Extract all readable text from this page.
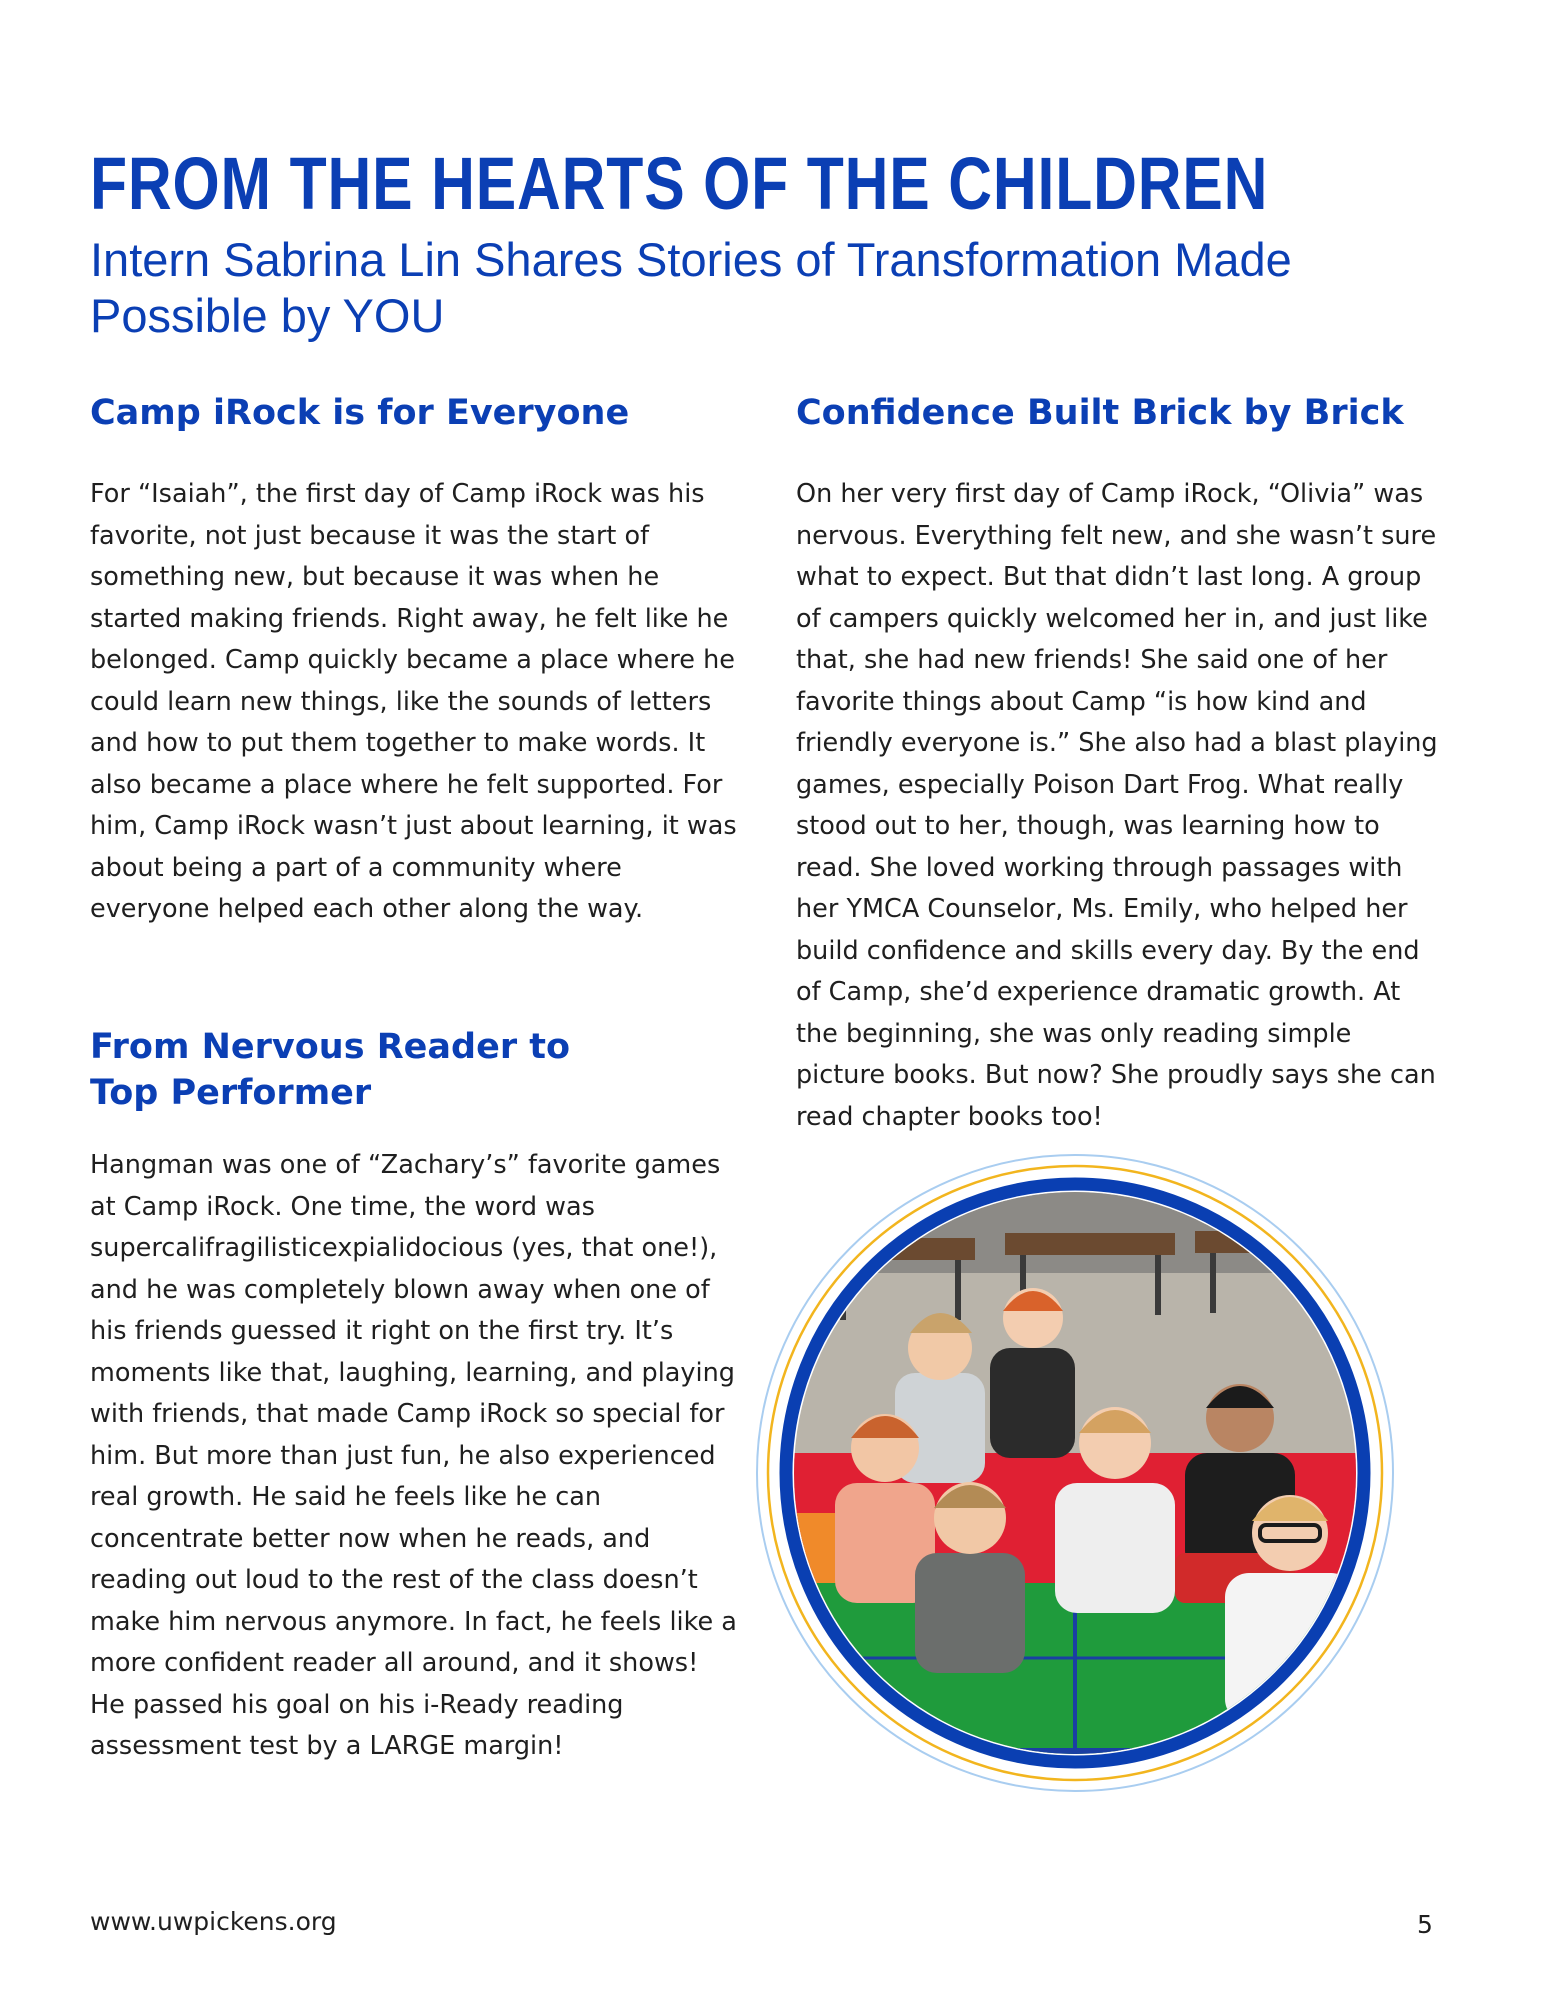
FROM THE HEARTS OF THE CHILDREN
Intern Sabrina Lin Shares Stories of Transformation Made Possible by YOU
Camp iRock is for Everyone

For “Isaiah”, the first day of Camp iRock was his favorite, not just because it was the start of something new, but because it was when he started making friends. Right away, he felt like he belonged. Camp quickly became a place where he could learn new things, like the sounds of letters and how to put them together to make words. It also became a place where he felt supported. For him, Camp iRock wasn’t just about learning, it was about being a part of a community where everyone helped each other along the way.

Confidence Built Brick by Brick

On her very first day of Camp iRock, “Olivia” was nervous. Everything felt new, and she wasn’t sure what to expect. But that didn’t last long. A group of campers quickly welcomed her in, and just like that, she had new friends! She said one of her favorite things about Camp “is how kind and friendly everyone is.” She also had a blast playing games, especially Poison Dart Frog. What really stood out to her, though, was learning how to read. She loved working through passages with her YMCA Counselor, Ms. Emily, who helped her build confidence and skills every day. By the end of Camp, she’d experience dramatic growth. At the beginning, she was only reading simple picture books. But now? She proudly says she can read chapter books too!

From Nervous Reader to Top Performer

Hangman was one of “Zachary’s” favorite games at Camp iRock. One time, the word was supercalifragilisticexpialidocious (yes, that one!), and he was completely blown away when one of his friends guessed it right on the first try. It’s moments like that, laughing, learning, and playing with friends, that made Camp iRock so special for him. But more than just fun, he also experienced real growth. He said he feels like he can concentrate better now when he reads, and reading out loud to the rest of the class doesn’t make him nervous anymore. In fact, he feels like a more confident reader all around, and it shows! He passed his goal on his i-Ready reading assessment test by a LARGE margin!

www.uwpickens.org	5
